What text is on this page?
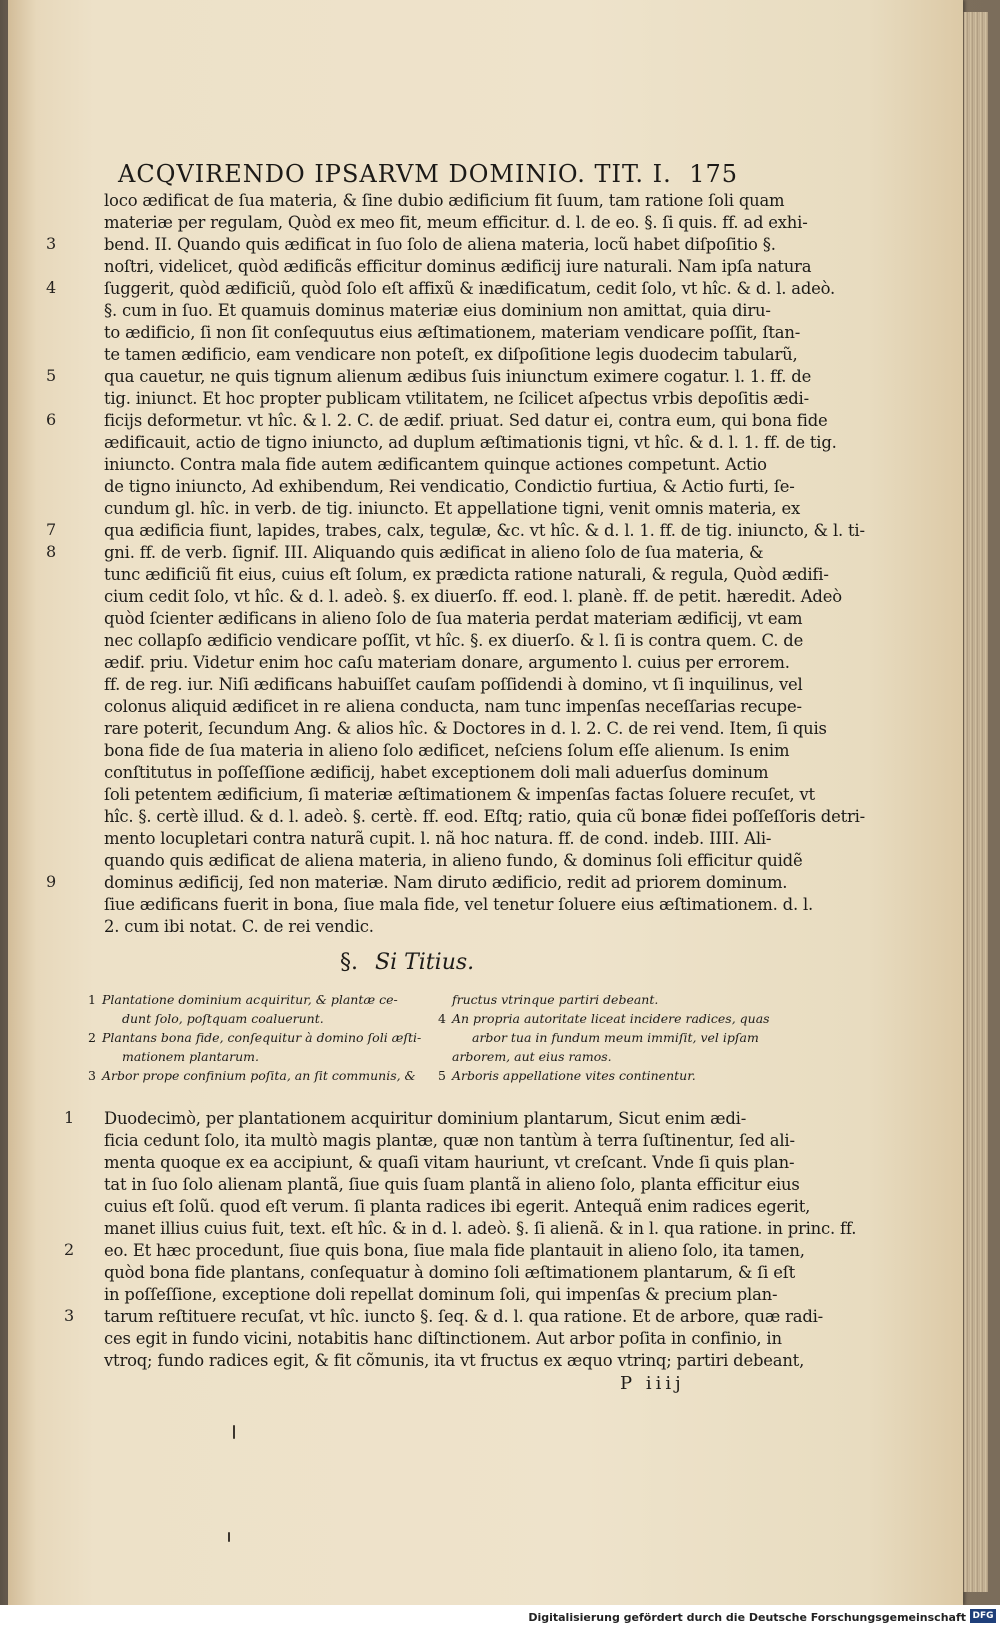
ACQVIRENDO IPSARVM DOMINIO. TIT. I. 175
loco ædificat de ſua materia, & ſine dubio ædificium fit ſuum, tam ratione ſoli quam
materiæ per regulam, Quòd ex meo fit, meum efficitur. d. l. de eo. §. ſi quis. ff. ad exhi-
bend. II. Quando quis ædificat in ſuo ſolo de aliena materia, locũ habet diſpoſitio §.
noſtri, videlicet, quòd ædificãs efficitur dominus ædificij iure naturali. Nam ipſa natura
ſuggerit, quòd ædificiũ, quòd ſolo eſt affixũ & inædificatum, cedit ſolo, vt hîc. & d. l. adeò.
§. cum in ſuo. Et quamuis dominus materiæ eius dominium non amittat, quia diru-
to ædificio, ſi non ſit conſequutus eius æſtimationem, materiam vendicare poſſit, ſtan-
te tamen ædificio, eam vendicare non poteſt, ex diſpoſitione legis duodecim tabularũ,
qua cauetur, ne quis tignum alienum ædibus ſuis iniunctum eximere cogatur. l. 1. ff. de
tig. iniunct. Et hoc propter publicam vtilitatem, ne ſcilicet aſpectus vrbis depoſitis ædi-
ficijs deformetur. vt hîc. & l. 2. C. de ædif. priuat. Sed datur ei, contra eum, qui bona fide
ædificauit, actio de tigno iniuncto, ad duplum æſtimationis tigni, vt hîc. & d. l. 1. ff. de tig.
iniuncto. Contra mala fide autem ædificantem quinque actiones competunt. Actio
de tigno iniuncto, Ad exhibendum, Rei vendicatio, Condictio furtiua, & Actio furti, ſe-
cundum gl. hîc. in verb. de tig. iniuncto. Et appellatione tigni, venit omnis materia, ex
qua ædificia fiunt, lapides, trabes, calx, tegulæ, &c. vt hîc. & d. l. 1. ff. de tig. iniuncto, & l. ti-
gni. ff. de verb. ſignif. III. Aliquando quis ædificat in alieno ſolo de ſua materia, &
tunc ædificiũ fit eius, cuius eſt ſolum, ex prædicta ratione naturali, & regula, Quòd ædifi-
cium cedit ſolo, vt hîc. & d. l. adeò. §. ex diuerſo. ff. eod. l. planè. ff. de petit. hæredit. Adeò
quòd ſcienter ædificans in alieno ſolo de ſua materia perdat materiam ædificij, vt eam
nec collapſo ædificio vendicare poſſit, vt hîc. §. ex diuerſo. & l. ſi is contra quem. C. de
ædif. priu. Videtur enim hoc caſu materiam donare, argumento l. cuius per errorem.
ff. de reg. iur. Niſi ædificans habuiſſet cauſam poſſidendi à domino, vt ſi inquilinus, vel
colonus aliquid ædificet in re aliena conducta, nam tunc impenſas neceſſarias recupe-
rare poterit, ſecundum Ang. & alios hîc. & Doctores in d. l. 2. C. de rei vend. Item, ſi quis
bona fide de ſua materia in alieno ſolo ædificet, neſciens ſolum eſſe alienum. Is enim
conſtitutus in poſſeſſione ædificij, habet exceptionem doli mali aduerſus dominum
ſoli petentem ædificium, ſi materiæ æſtimationem & impenſas factas ſoluere recuſet, vt
hîc. §. certè illud. & d. l. adeò. §. certè. ff. eod. Eſtq; ratio, quia cũ bonæ fidei poſſeſſoris detri-
mento locupletari contra naturã cupit. l. nã hoc natura. ff. de cond. indeb. IIII. Ali-
quando quis ædificat de aliena materia, in alieno fundo, & dominus ſoli efficitur quidẽ
dominus ædificij, ſed non materiæ. Nam diruto ædificio, redit ad priorem dominum.
ſiue ædificans fuerit in bona, ſiue mala fide, vel tenetur ſoluere eius æſtimationem. d. l.
2. cum ibi notat. C. de rei vendic.
3
4
5
6
7
8
9
§. Si Titius.
1 Plantatione dominium acquiritur, & plantæ ce-
dunt ſolo, poſtquam coaluerunt.
2 Plantans bona fide, conſequitur à domino ſoli æſti-
mationem plantarum.
3 Arbor prope confinium poſita, an ſit communis, &
fructus vtrinque partiri debeant.
4 An propria autoritate liceat incidere radices, quas
arbor tua in fundum meum immiſit, vel ipſam
arborem, aut eius ramos.
5 Arboris appellatione vites continentur.
Duodecimò, per plantationem acquiritur dominium plantarum, Sicut enim ædi-
ficia cedunt ſolo, ita multò magis plantæ, quæ non tantùm à terra ſuſtinentur, ſed ali-
menta quoque ex ea accipiunt, & quaſi vitam hauriunt, vt creſcant. Vnde ſi quis plan-
tat in ſuo ſolo alienam plantã, ſiue quis ſuam plantã in alieno ſolo, planta efficitur eius
cuius eſt ſolũ. quod eſt verum. ſi planta radices ibi egerit. Antequã enim radices egerit,
manet illius cuius fuit, text. eſt hîc. & in d. l. adeò. §. ſi alienã. & in l. qua ratione. in princ. ff.
eo. Et hæc procedunt, ſiue quis bona, ſiue mala fide plantauit in alieno ſolo, ita tamen,
quòd bona fide plantans, conſequatur à domino ſoli æſtimationem plantarum, & ſi eſt
in poſſeſſione, exceptione doli repellat dominum ſoli, qui impenſas & precium plan-
tarum reſtituere recuſat, vt hîc. iuncto §. ſeq. & d. l. qua ratione. Et de arbore, quæ radi-
ces egit in fundo vicini, notabitis hanc diſtinctionem. Aut arbor poſita in confinio, in
vtroq; fundo radices egit, & fit cõmunis, ita vt fructus ex æquo vtrinq; partiri debeant,
1
2
3
P iiij
Digitalisierung gefördert durch die Deutsche Forschungsgemeinschaft DFG
